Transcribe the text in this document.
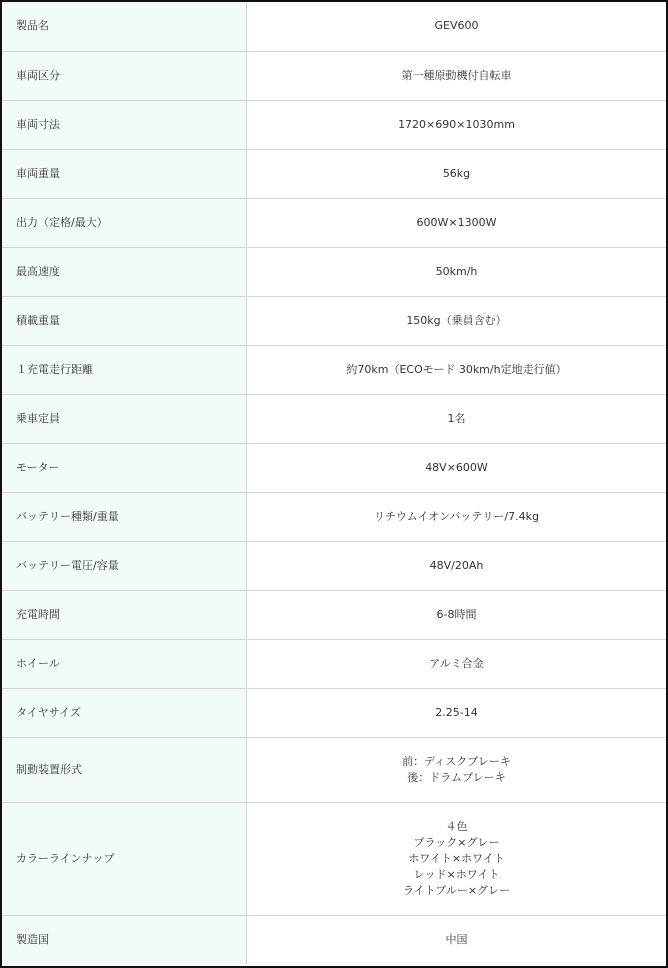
製品名	GEV600

車両区分	第一種原動機付自転車

車両寸法	1720×690×1030mm

車両重量	56kg

出力（定格/最大）	600W×1300W

最高速度	50km/h

積載重量	150kg（乗員含む）

１充電走行距離	約70km（ECOモード 30km/h定地走行値）

乗車定員	1名

モーター	48V×600W

バッテリー種類/重量	リチウムイオンバッテリー/7.4kg

バッテリー電圧/容量	48V/20Ah

充電時間	6-8時間

ホイール	アルミ合金

タイヤサイズ	2.25-14

制動装置形式	前：ディスクブレーキ
後：ドラムブレーキ

カラーラインナップ	４色
ブラック×グレー
ホワイト×ホワイト
レッド×ホワイト
ライトブルー×グレー

製造国	中国
